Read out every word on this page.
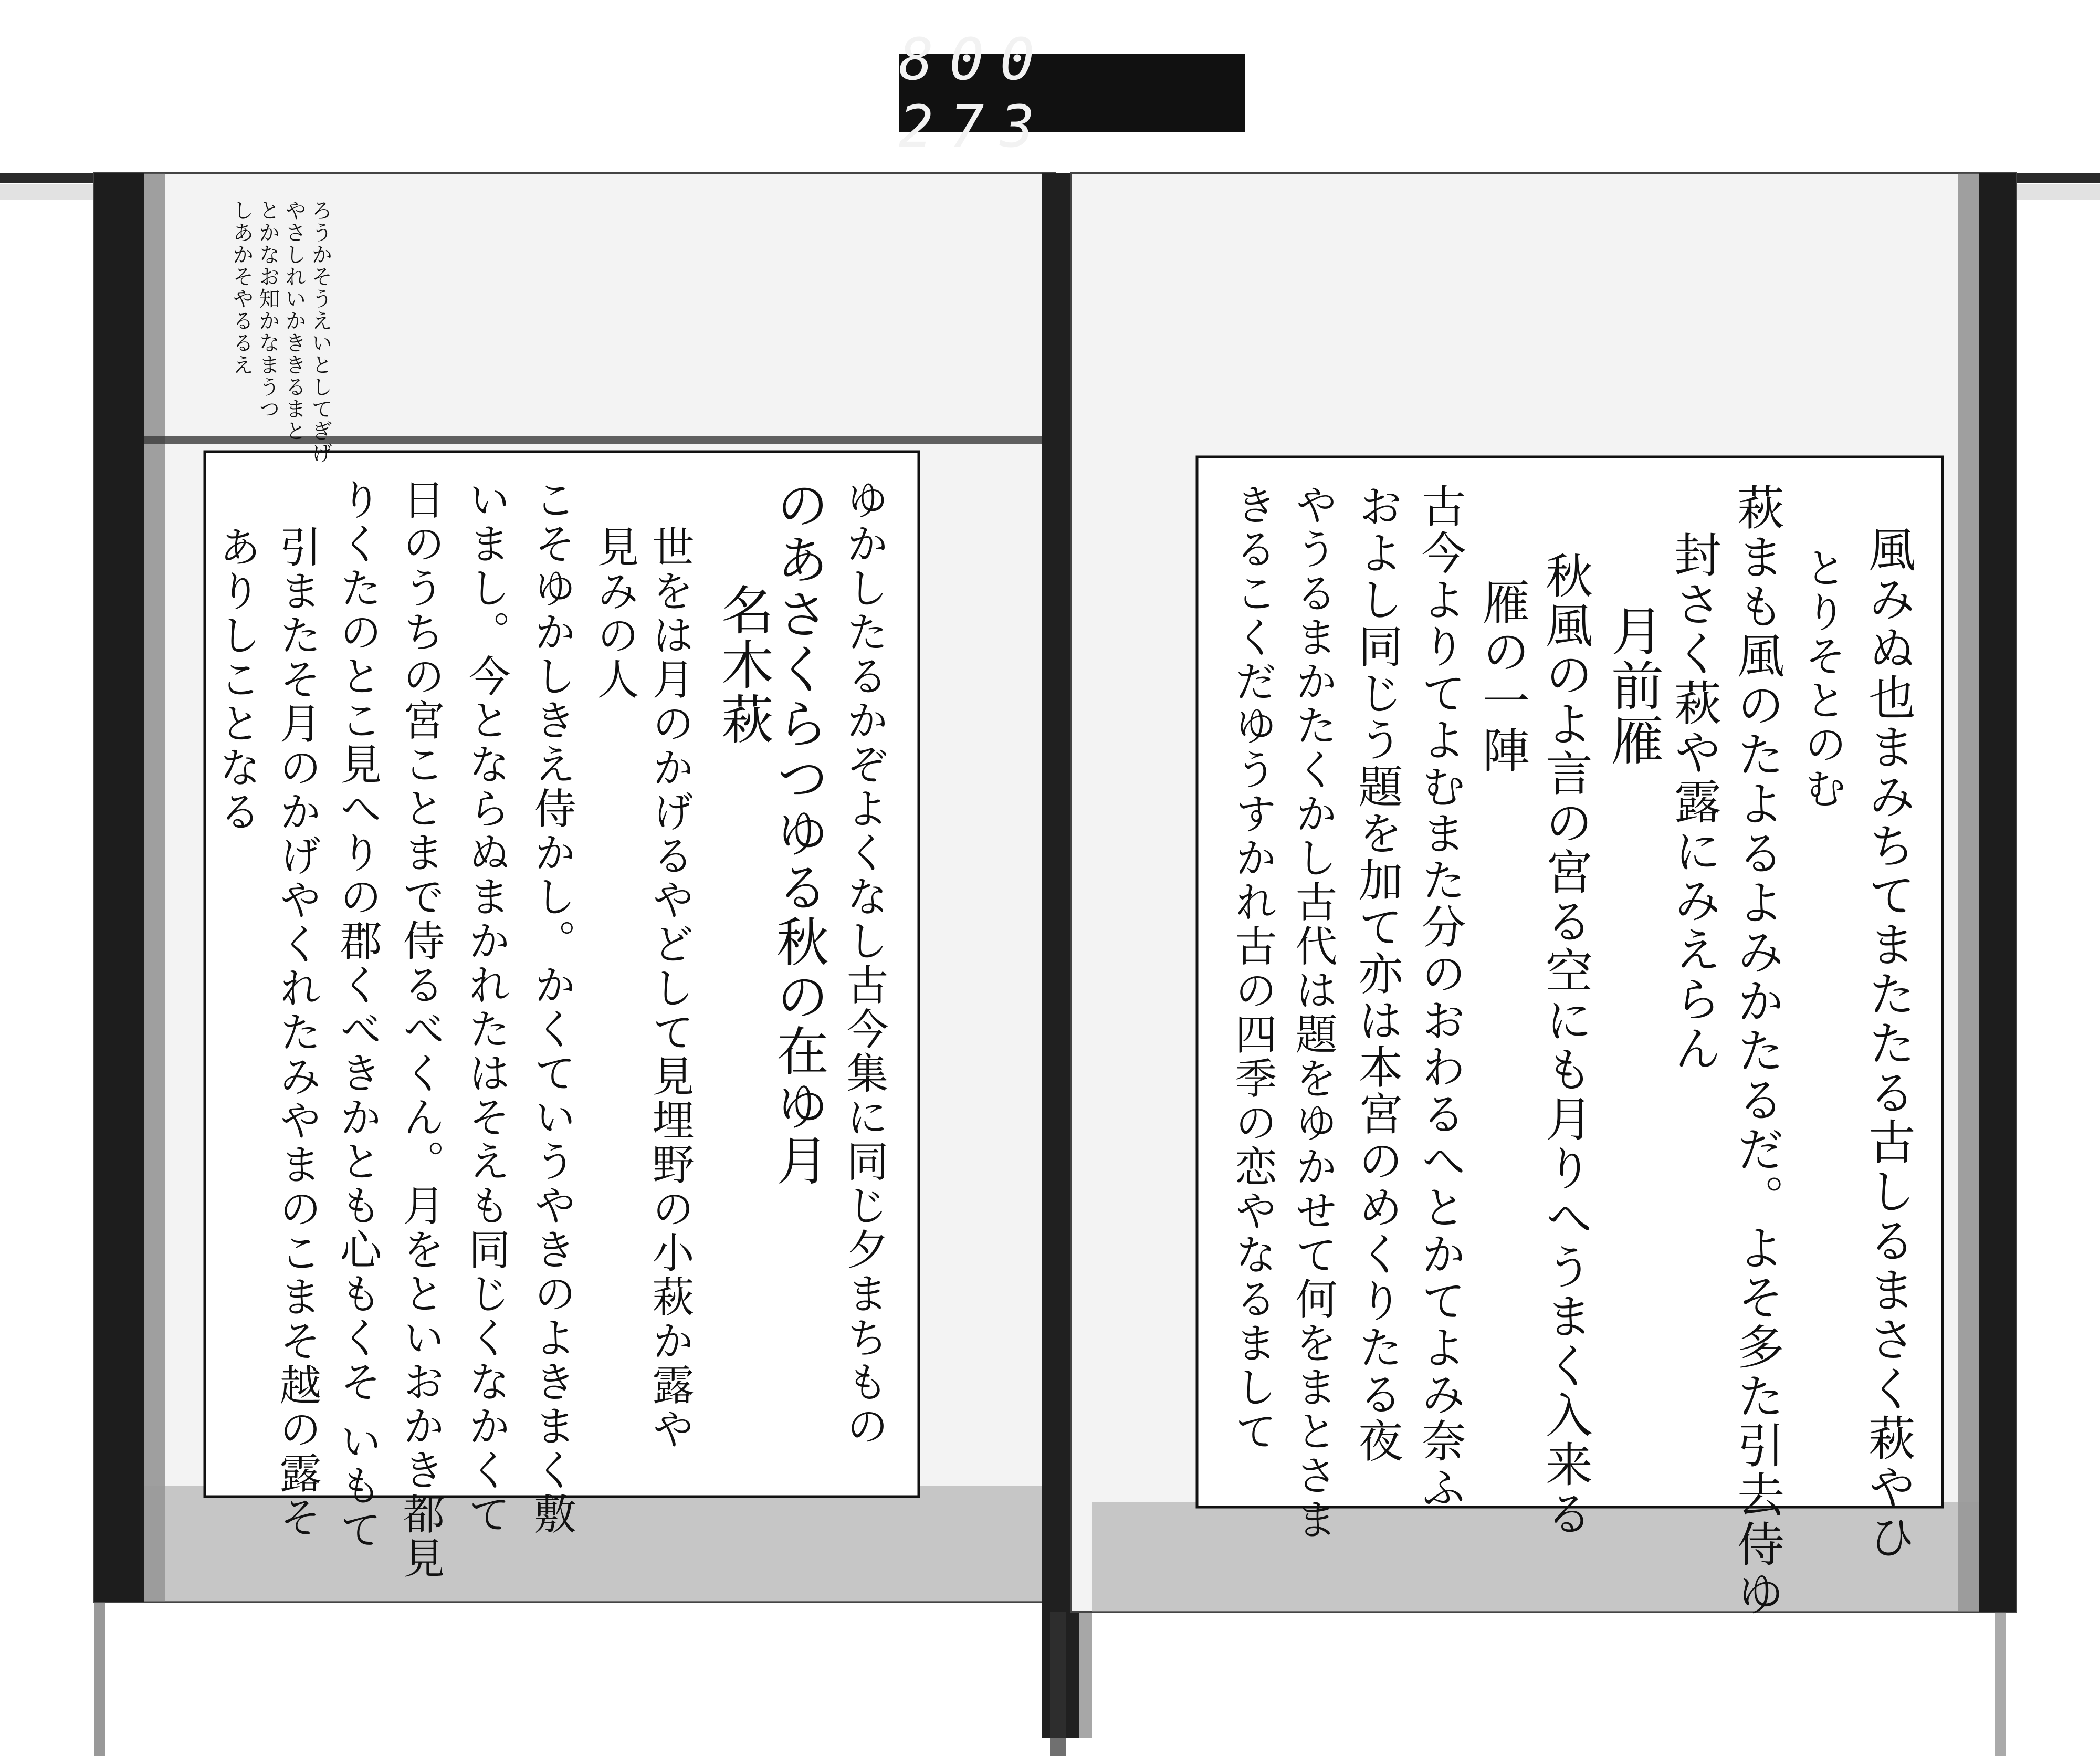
800 273
ろうかそうえいとしてぎげ
やさしれいかききるまと
とかなお知かなまうつ
しあかそやるるえ
ゆかしたるかぞよくなし古今集に同じ夕まちもの
のあさくらつゆる秋の在ゆ月
名木萩
世をは月のかげるやどして見埋野の小萩か露や
見みの人
こそゆかしきえ侍かし。かくていうやきのよきまく敷
いまし。今とならぬまかれたはそえも同じくなかくて
日のうちの宮ことまで侍るべくん。月をといおかき都見
りくたのとこ見へりの郡くべきかとも心もくそ いもて
引またそ月のかげやくれたみやまのこまそ越の露そ
ありしことなる	風みぬ也まみちてまたたる古しるまさく萩やひ
とりそとのむ
萩まも風のたよるよみかたるだ。よそ多た引去侍ゆ
封さく萩や露にみえらん
月前雁
秋風のよ言の宮る空にも月りへうまく入来る
雁の一陣
古今よりてよむまた分のおわるへとかてよみ奈ふ
およし同じう題を加て亦は本宮のめくりたる夜
やうるまかたくかし古代は題をゆかせて何をまとさま
きるこくだゆうすかれ古の四季の恋やなるまして
